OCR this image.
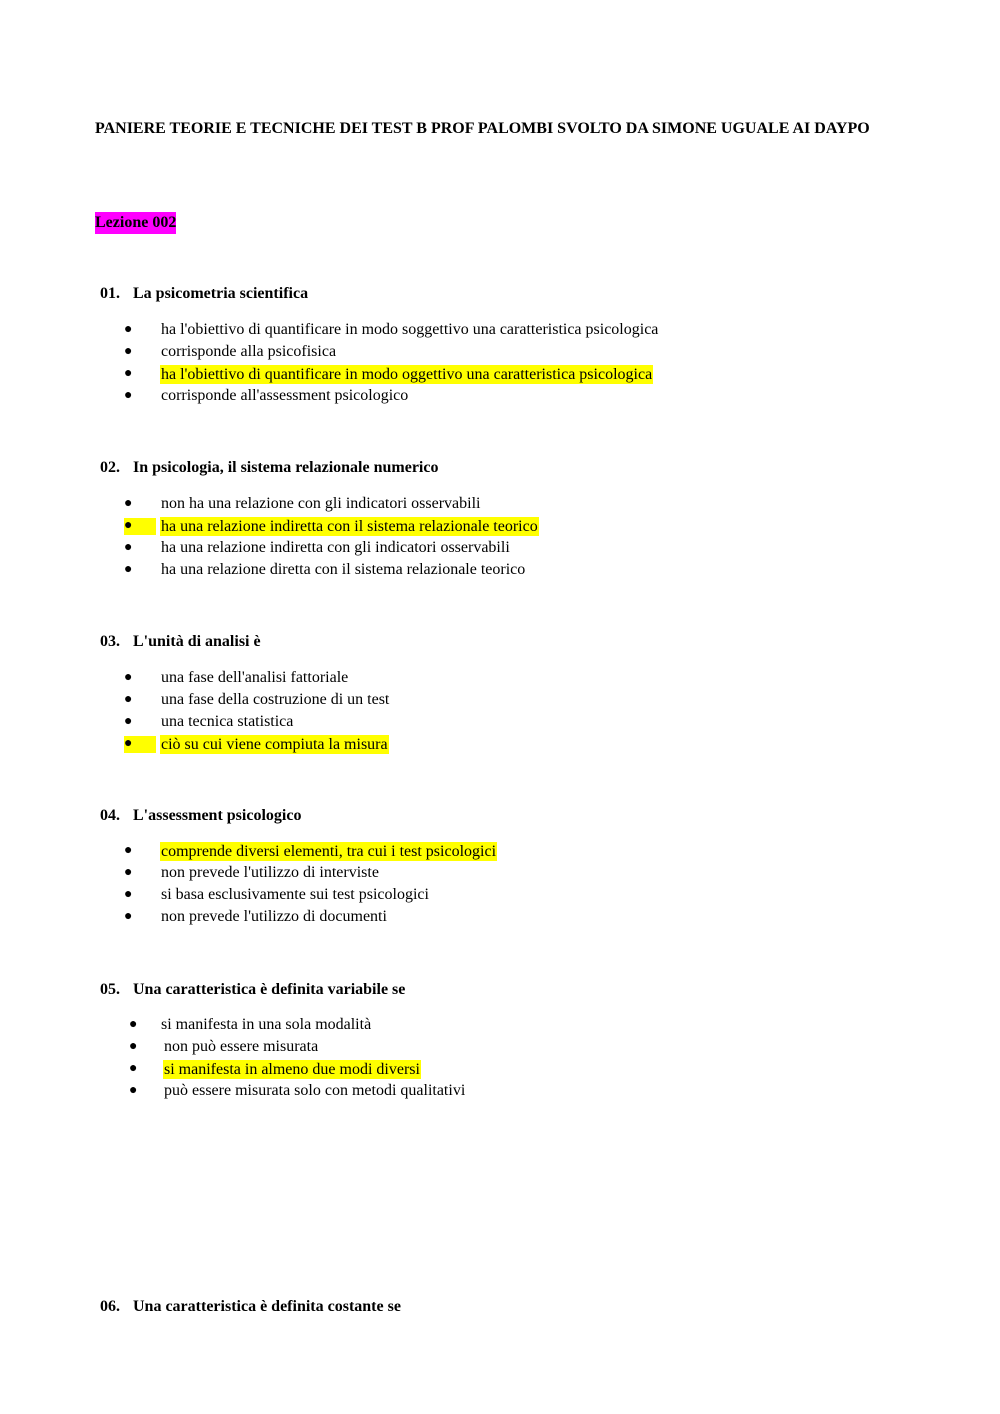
PANIERE TEORIE E TECNICHE DEI TEST B PROF PALOMBI SVOLTO DA SIMONE UGUALE AI DAYPO
Lezione 002
01. La psicometria scientifica
● ha l'obiettivo di quantificare in modo soggettivo una caratteristica psicologica
● corrisponde alla psicofisica
● ha l'obiettivo di quantificare in modo oggettivo una caratteristica psicologica
● corrisponde all'assessment psicologico
02. In psicologia, il sistema relazionale numerico
● non ha una relazione con gli indicatori osservabili
● ha una relazione indiretta con il sistema relazionale teorico
● ha una relazione indiretta con gli indicatori osservabili
● ha una relazione diretta con il sistema relazionale teorico
03. L'unità di analisi è
● una fase dell'analisi fattoriale
● una fase della costruzione di un test
● una tecnica statistica
● ciò su cui viene compiuta la misura
04. L'assessment psicologico
● comprende diversi elementi, tra cui i test psicologici
● non prevede l'utilizzo di interviste
● si basa esclusivamente sui test psicologici
● non prevede l'utilizzo di documenti
05. Una caratteristica è definita variabile se
● si manifesta in una sola modalità
● non può essere misurata
● si manifesta in almeno due modi diversi
● può essere misurata solo con metodi qualitativi
06. Una caratteristica è definita costante se
